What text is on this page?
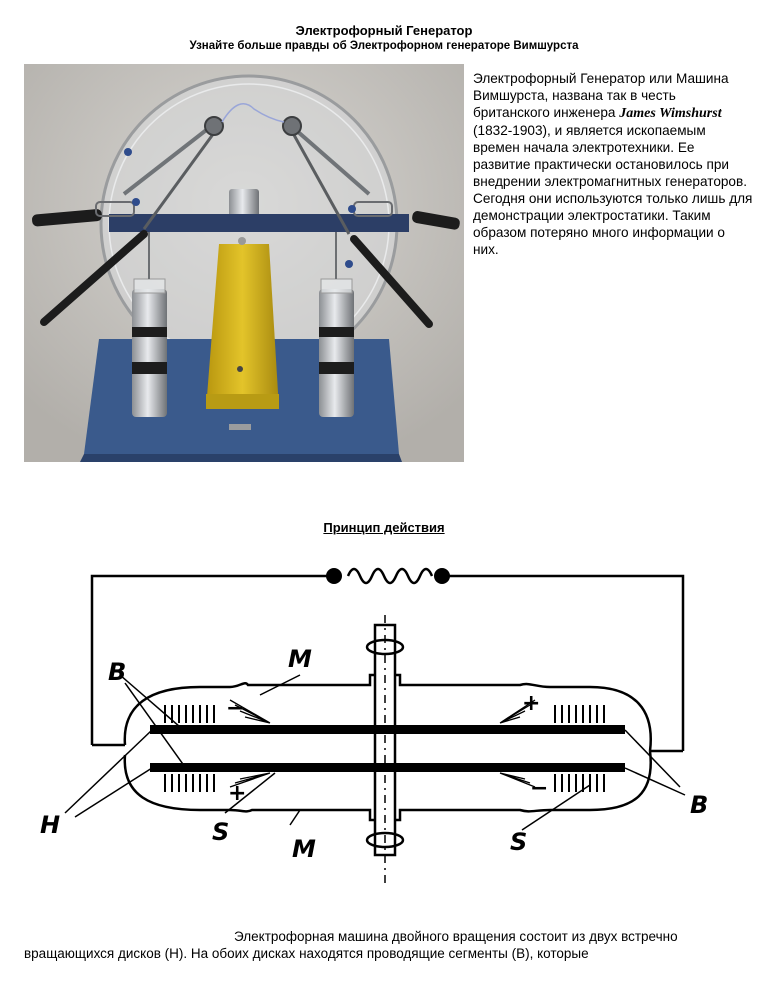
Электрофорный Генератор
Узнайте больше правды об Электрофорном генераторе Вимшурста
Электрофорный Генератор или Машина Вимшурста, названа так в честь британского инженера James Wimshurst (1832-1903), и является ископаемым времен начала электротехники. Ее развитие практически остановилось при внедрении электромагнитных генераторов. Сегодня они используются только лишь для демонстрации электростатики. Таким образом потеряно много информации о них.
Принцип действия
M
M
B
B
H	S	S
+
+
−
−
Электрофорная машина двойного вращения состоит из двух встречно
вращающихся дисков (Н). На обоих дисках находятся проводящие сегменты (В), которые
